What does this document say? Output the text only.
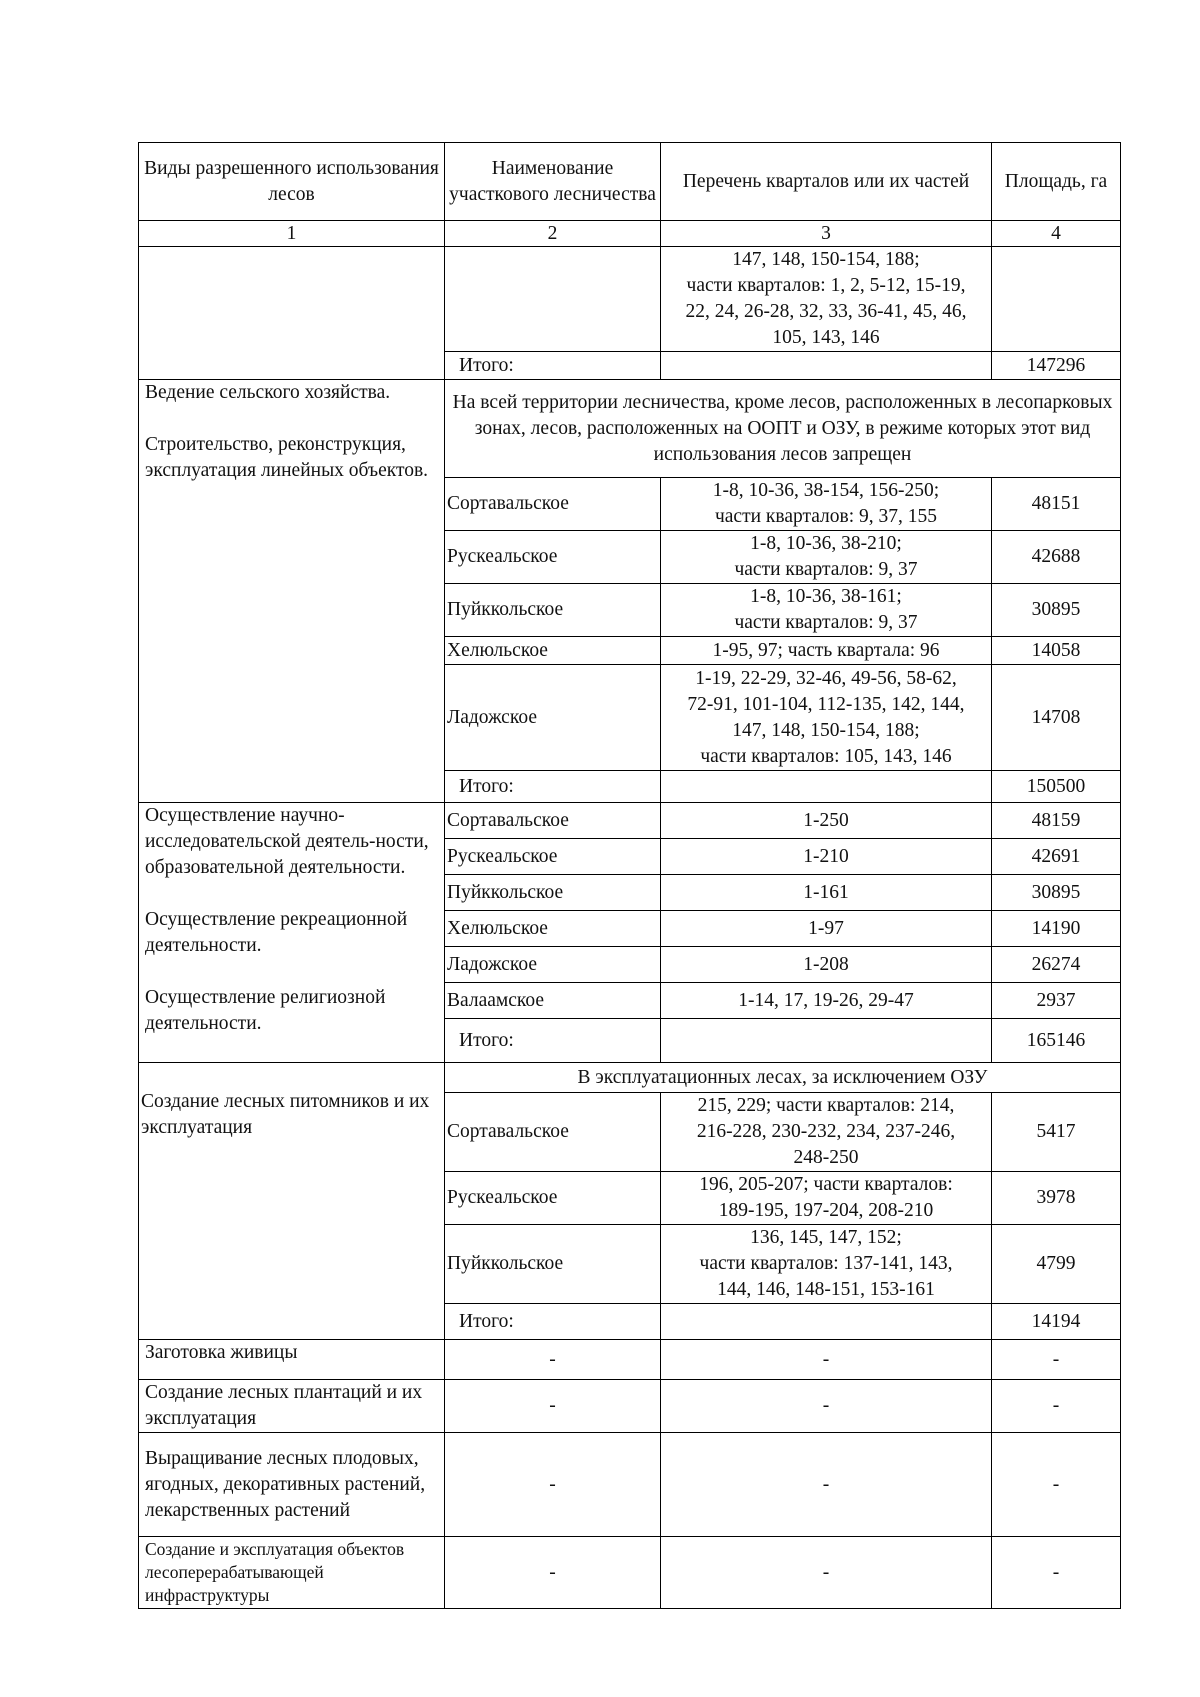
Виды разрешенного использования лесов	Наименование участкового лесничества	Перечень кварталов или их частей	Площадь, га
1	2	3	4

		147, 148, 150-154, 188;
части кварталов: 1, 2, 5-12, 15-19,
22, 24, 26-28, 32, 33, 36-41, 45, 46,
105, 143, 146	

	Итого:		147296

Ведение сельского хозяйства.
Строительство, реконструкция, эксплуатация линейных объектов.	На всей территории лесничества, кроме лесов, расположенных в лесопарковых зонах, лесов, расположенных на ООПТ и ОЗУ, в режиме которых этот вид использования лесов запрещен		
	Сортавальское	1-8, 10-36, 38-154, 156-250;
части кварталов: 9, 37, 155	48151
	Рускеальское	1-8, 10-36, 38-210;
части кварталов: 9, 37	42688
	Пуйккольское	1-8, 10-36, 38-161;
части кварталов: 9, 37	30895
	Хелюльское	1-95, 97; часть квартала: 96	14058
	Ладожское	1-19, 22-29, 32-46, 49-56, 58-62,
72-91, 101-104, 112-135, 142, 144,
147, 148, 150-154, 188;
части кварталов: 105, 143, 146	14708
	Итого:		150500

Осуществление научно-исследовательской деятель-ности, образовательной деятельности.
Осуществление рекреационной деятельности.
Осуществление религиозной деятельности.	Сортавальское	1-250	48159
	Рускеальское	1-210	42691
	Пуйккольское	1-161	30895
	Хелюльское	1-97	14190
	Ладожское	1-208	26274
	Валаамское	1-14, 17, 19-26, 29-47	2937
	Итого:		165146
Создание лесных питомников и их эксплуатация	В эксплуатационных лесах, за исключением ОЗУ		
	Сортавальское	215, 229; части кварталов: 214,
216-228, 230-232, 234, 237-246,
248-250	5417
	Рускеальское	196, 205-207; части кварталов:
189-195, 197-204, 208-210	3978
	Пуйккольское	136, 145, 147, 152;
части кварталов: 137-141, 143,
144, 146, 148-151, 153-161	4799
	Итого:		14194
Заготовка живицы	-	-	-
Создание лесных плантаций и их эксплуатация	-	-	-
Выращивание лесных плодовых, ягодных, декоративных растений, лекарственных растений	-	-	-
Создание и эксплуатация объектов лесоперерабатывающей инфраструктуры	-	-	-
